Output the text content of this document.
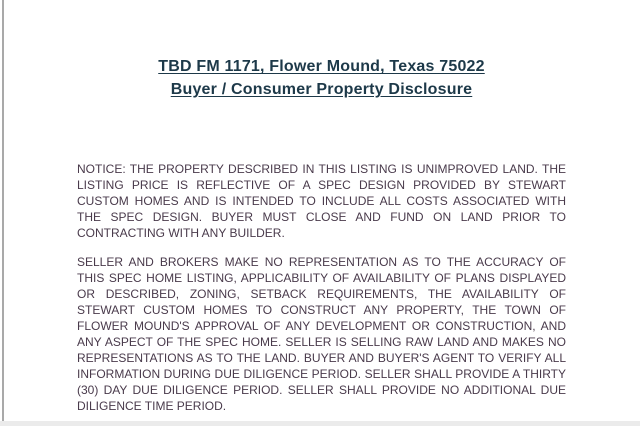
TBD FM 1171, Flower Mound, Texas 75022
Buyer / Consumer Property Disclosure

NOTICE: THE PROPERTY DESCRIBED IN THIS LISTING IS UNIMPROVED LAND. THE LISTING PRICE IS REFLECTIVE OF A SPEC DESIGN PROVIDED BY STEWART CUSTOM HOMES AND IS INTENDED TO INCLUDE ALL COSTS ASSOCIATED WITH THE SPEC DESIGN. BUYER MUST CLOSE AND FUND ON LAND PRIOR TO CONTRACTING WITH ANY BUILDER.

SELLER AND BROKERS MAKE NO REPRESENTATION AS TO THE ACCURACY OF THIS SPEC HOME LISTING, APPLICABILITY OF AVAILABILITY OF PLANS DISPLAYED OR DESCRIBED, ZONING, SETBACK REQUIREMENTS, THE AVAILABILITY OF STEWART CUSTOM HOMES TO CONSTRUCT ANY PROPERTY, THE TOWN OF FLOWER MOUND'S APPROVAL OF ANY DEVELOPMENT OR CONSTRUCTION, AND ANY ASPECT OF THE SPEC HOME. SELLER IS SELLING RAW LAND AND MAKES NO REPRESENTATIONS AS TO THE LAND. BUYER AND BUYER'S AGENT TO VERIFY ALL INFORMATION DURING DUE DILIGENCE PERIOD. SELLER SHALL PROVIDE A THIRTY (30) DAY DUE DILIGENCE PERIOD. SELLER SHALL PROVIDE NO ADDITIONAL DUE DILIGENCE TIME PERIOD.
